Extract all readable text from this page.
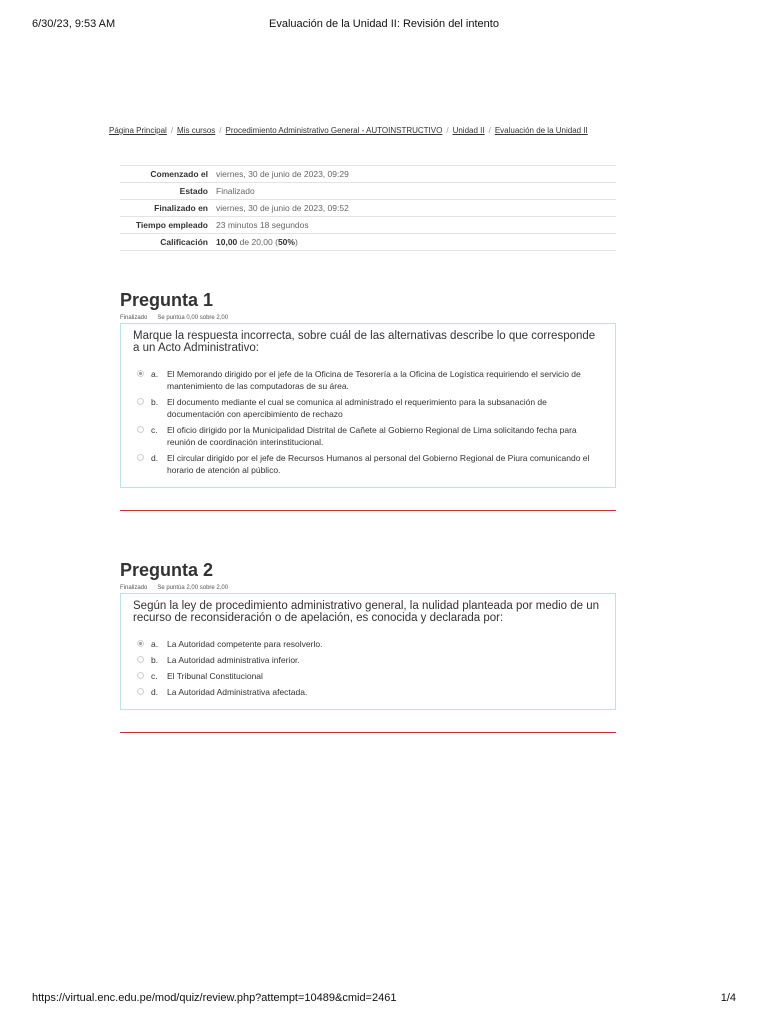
6/30/23, 9:53 AM	Evaluación de la Unidad II: Revisión del intento
Página Principal / Mis cursos / Procedimiento Administrativo General - AUTOINSTRUCTIVO / Unidad II / Evaluación de la Unidad II
Comenzado el	viernes, 30 de junio de 2023, 09:29
Estado	Finalizado
Finalizado en	viernes, 30 de junio de 2023, 09:52
Tiempo empleado	23 minutos 18 segundos
Calificación	10,00 de 20,00 (50%)
Pregunta 1
Finalizado Se puntúa 0,00 sobre 2,00

Marque la respuesta incorrecta, sobre cuál de las alternativas describe lo que corresponde a un Acto Administrativo:

a.	El Memorando dirigido por el jefe de la Oficina de Tesorería a la Oficina de Logística requiriendo el servicio de mantenimiento de las computadoras de su área.
b.	El documento mediante el cual se comunica al administrado el requerimiento para la subsanación de documentación con apercibimiento de rechazo
c.	El oficio dirigido por la Municipalidad Distrital de Cañete al Gobierno Regional de Lima solicitando fecha para reunión de coordinación interinstitucional.
d.	El circular dirigido por el jefe de Recursos Humanos al personal del Gobierno Regional de Piura comunicando el horario de atención al público.
Pregunta 2
Finalizado Se puntúa 2,00 sobre 2,00

Según la ley de procedimiento administrativo general, la nulidad planteada por medio de un recurso de reconsideración o de apelación, es conocida y declarada por:

a.	La Autoridad competente para resolverlo.
b.	La Autoridad administrativa inferior.
c.	El Tribunal Constitucional
d.	La Autoridad Administrativa afectada.
https://virtual.enc.edu.pe/mod/quiz/review.php?attempt=10489&cmid=2461	1/4
